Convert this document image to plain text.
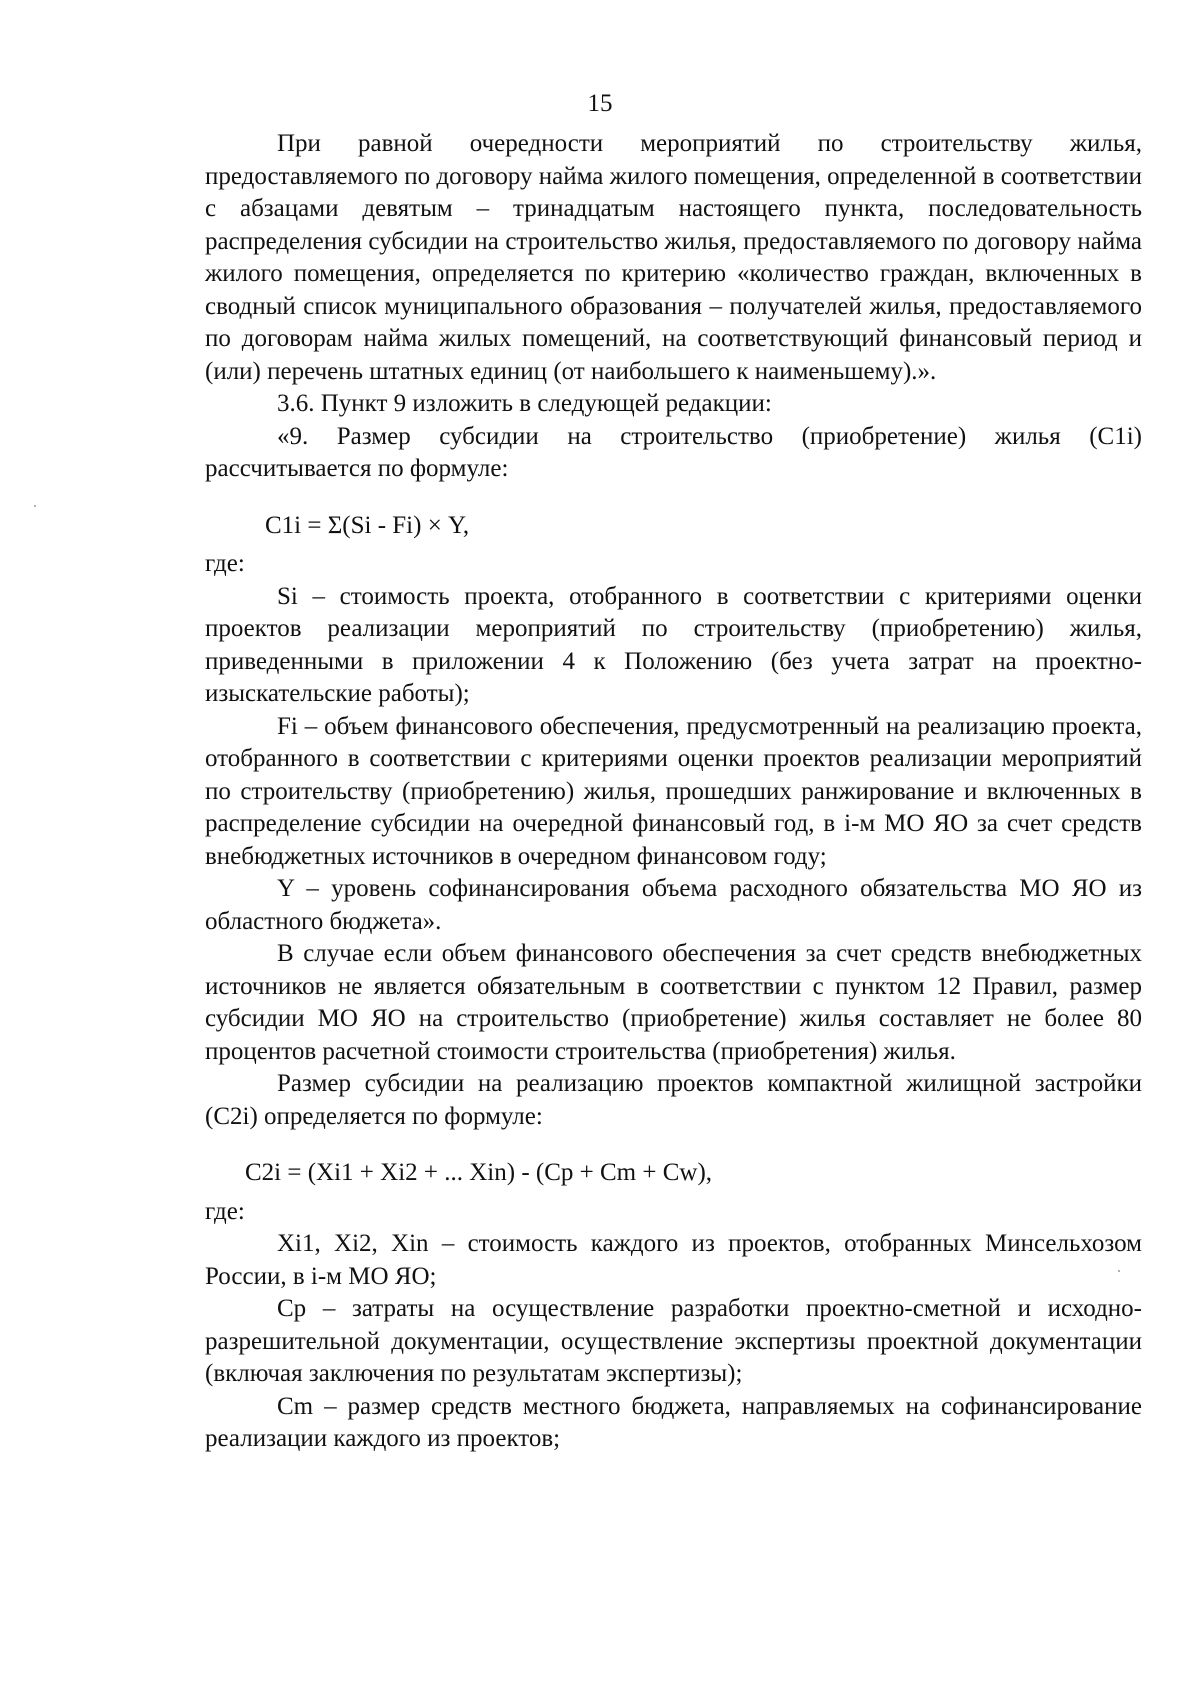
15

При равной очередности мероприятий по строительству жилья, предоставляемого по договору найма жилого помещения, определенной в соответствии с абзацами девятым – тринадцатым настоящего пункта, последовательность распределения субсидии на строительство жилья, предоставляемого по договору найма жилого помещения, определяется по критерию «количество граждан, включенных в сводный список муниципального образования – получателей жилья, предоставляемого по договорам найма жилых помещений, на соответствующий финансовый период и (или) перечень штатных единиц (от наибольшего к наименьшему).».

3.6. Пункт 9 изложить в следующей редакции:

«9. Размер субсидии на строительство (приобретение) жилья (C1i) рассчитывается по формуле:

C1i = Σ(Si - Fi) × Y,

где:

Si – стоимость проекта, отобранного в соответствии с критериями оценки проектов реализации мероприятий по строительству (приобретению) жилья, приведенными в приложении 4 к Положению (без учета затрат на проектно-изыскательские работы);

Fi – объем финансового обеспечения, предусмотренный на реализацию проекта, отобранного в соответствии с критериями оценки проектов реализации мероприятий по строительству (приобретению) жилья, прошедших ранжирование и включенных в распределение субсидии на очередной финансовый год, в i-м МО ЯО за счет средств внебюджетных источников в очередном финансовом году;

Y – уровень софинансирования объема расходного обязательства МО ЯО из областного бюджета».

В случае если объем финансового обеспечения за счет средств внебюджетных источников не является обязательным в соответствии с пунктом 12 Правил, размер субсидии МО ЯО на строительство (приобретение) жилья составляет не более 80 процентов расчетной стоимости строительства (приобретения) жилья.

Размер субсидии на реализацию проектов компактной жилищной застройки (C2i) определяется по формуле:

C2i = (Xi1 + Xi2 + ... Xin) - (Cp + Cm + Cw),

где:

Xi1, Xi2, Xin – стоимость каждого из проектов, отобранных Минсельхозом России, в i-м МО ЯО;

Cp – затраты на осуществление разработки проектно-сметной и исходно-разрешительной документации, осуществление экспертизы проектной документации (включая заключения по результатам экспертизы);

Cm – размер средств местного бюджета, направляемых на софинансирование реализации каждого из проектов;
